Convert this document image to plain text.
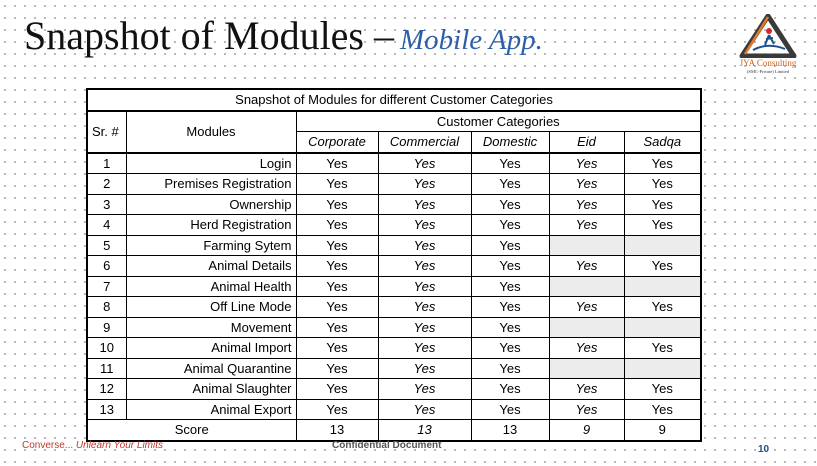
Snapshot of Modules – Mobile App.
JYA Consulting
(SMC-Private) Limited
Snapshot of Modules for different Customer Categories						
Sr. #	Modules	Customer Categories				
		Corporate	Commercial	Domestic	Eid	Sadqa
1	Login	Yes	Yes	Yes	Yes	Yes
2	Premises Registration	Yes	Yes	Yes	Yes	Yes
3	Ownership	Yes	Yes	Yes	Yes	Yes
4	Herd Registration	Yes	Yes	Yes	Yes	Yes
5	Farming Sytem	Yes	Yes	Yes		
6	Animal Details	Yes	Yes	Yes	Yes	Yes
7	Animal Health	Yes	Yes	Yes		
8	Off Line Mode	Yes	Yes	Yes	Yes	Yes
9	Movement	Yes	Yes	Yes		
10	Animal Import	Yes	Yes	Yes	Yes	Yes
11	Animal Quarantine	Yes	Yes	Yes		
12	Animal Slaughter	Yes	Yes	Yes	Yes	Yes
13	Animal Export	Yes	Yes	Yes	Yes	Yes
Score		13	13	13	9	9
Converse... Unlearn Your Limits	Confidential Document	10
